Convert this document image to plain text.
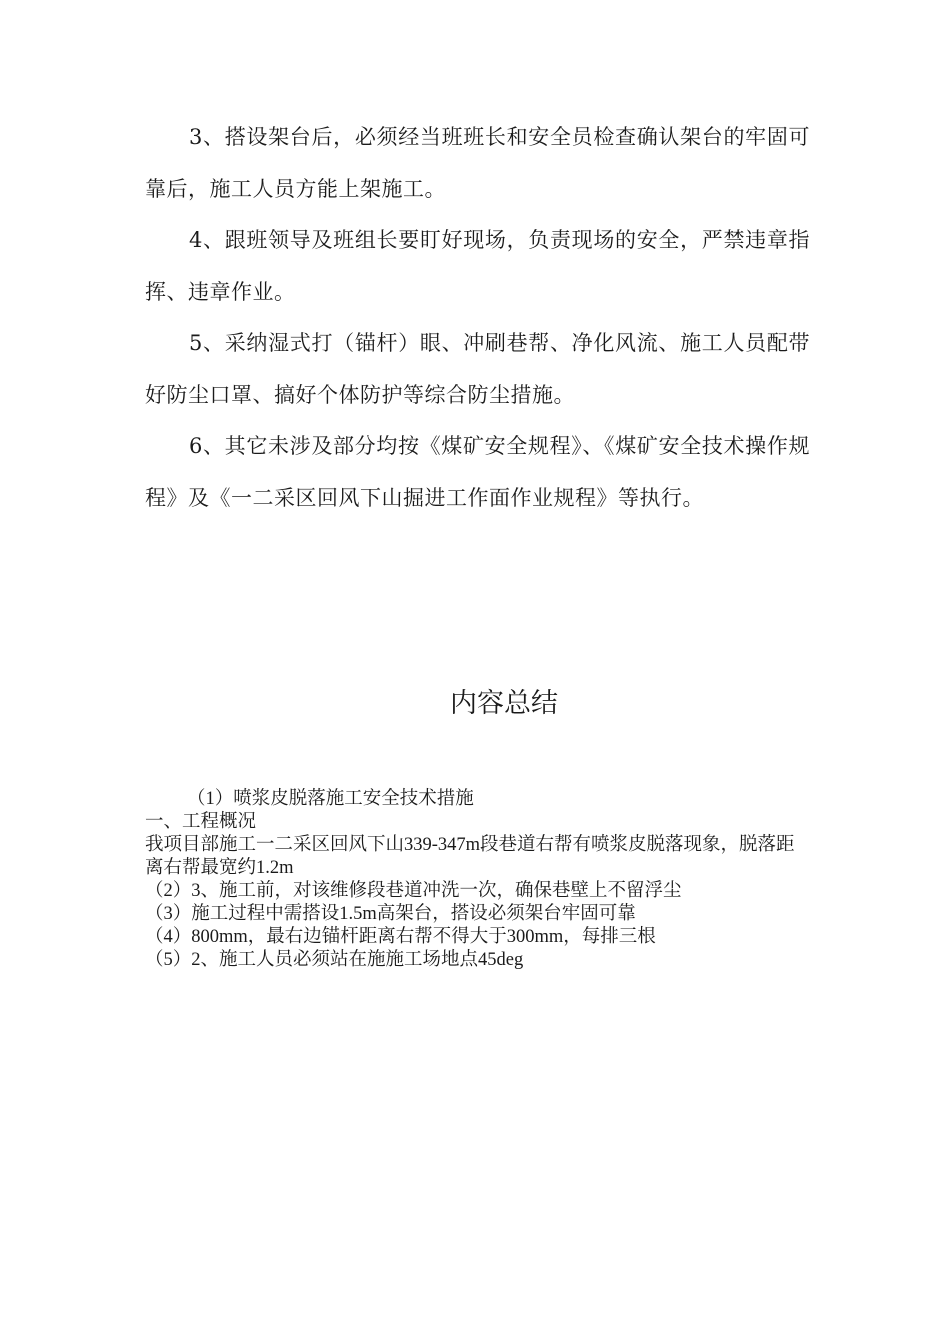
3、搭设架台后，必须经当班班长和安全员检查确认架台的牢固可靠后，施工人员方能上架施工。

4、跟班领导及班组长要盯好现场，负责现场的安全，严禁违章指挥、违章作业。

5、采纳湿式打（锚杆）眼、冲刷巷帮、净化风流、施工人员配带好防尘口罩、搞好个体防护等综合防尘措施。

6、其它未涉及部分均按《煤矿安全规程》、《煤矿安全技术操作规程》及《一二采区回风下山掘进工作面作业规程》等执行。

内容总结
（1）喷浆皮脱落施工安全技术措施
一、工程概况
我项目部施工一二采区回风下山339-347m段巷道右帮有喷浆皮脱落现象，脱落距离右帮最宽约1.2m
（2）3、施工前，对该维修段巷道冲洗一次，确保巷壁上不留浮尘
（3）施工过程中需搭设1.5m高架台，搭设必须架台牢固可靠
（4）800mm，最右边锚杆距离右帮不得大于300mm，每排三根
（5）2、施工人员必须站在施施工场地点45deg
